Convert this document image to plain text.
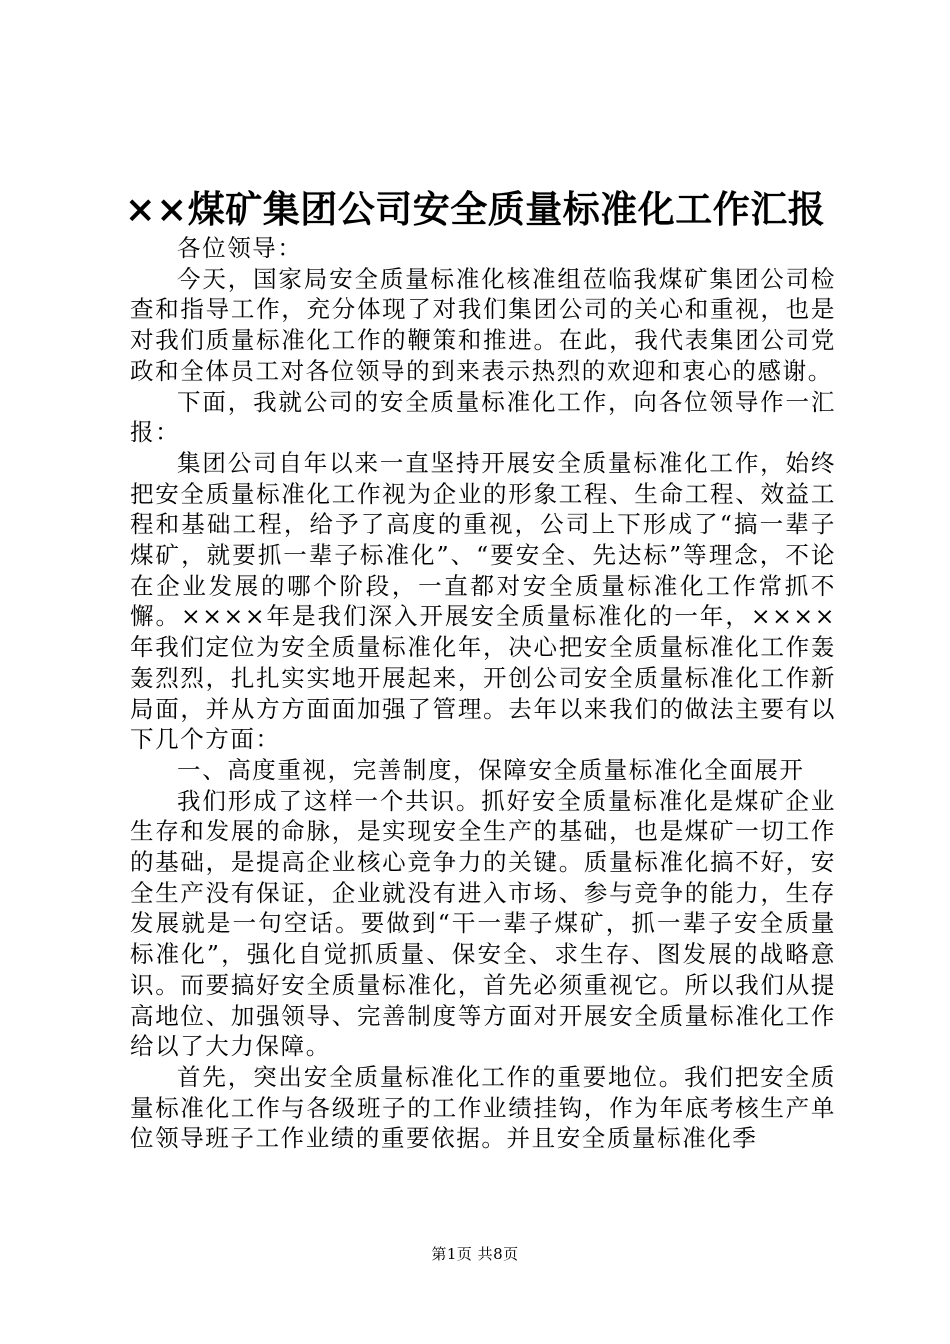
××煤矿集团公司安全质量标准化工作汇报

各位领导：

今天，国家局安全质量标准化核准组莅临我煤矿集团公司检查和指导工作，充分体现了对我们集团公司的关心和重视，也是对我们质量标准化工作的鞭策和推进。在此，我代表集团公司党政和全体员工对各位领导的到来表示热烈的欢迎和衷心的感谢。

下面，我就公司的安全质量标准化工作，向各位领导作一汇报：

集团公司自年以来一直坚持开展安全质量标准化工作，始终把安全质量标准化工作视为企业的形象工程、生命工程、效益工程和基础工程，给予了高度的重视，公司上下形成了“搞一辈子煤矿，就要抓一辈子标准化”、“要安全、先达标”等理念，不论在企业发展的哪个阶段，一直都对安全质量标准化工作常抓不懈。××××年是我们深入开展安全质量标准化的一年，××××年我们定位为安全质量标准化年，决心把安全质量标准化工作轰轰烈烈，扎扎实实地开展起来，开创公司安全质量标准化工作新局面，并从方方面面加强了管理。去年以来我们的做法主要有以下几个方面：

一、高度重视，完善制度，保障安全质量标准化全面展开

我们形成了这样一个共识。抓好安全质量标准化是煤矿企业生存和发展的命脉，是实现安全生产的基础，也是煤矿一切工作的基础，是提高企业核心竞争力的关键。质量标准化搞不好，安全生产没有保证，企业就没有进入市场、参与竞争的能力，生存发展就是一句空话。要做到“干一辈子煤矿，抓一辈子安全质量标准化”，强化自觉抓质量、保安全、求生存、图发展的战略意识。而要搞好安全质量标准化，首先必须重视它。所以我们从提高地位、加强领导、完善制度等方面对开展安全质量标准化工作给以了大力保障。

首先，突出安全质量标准化工作的重要地位。我们把安全质量标准化工作与各级班子的工作业绩挂钩，作为年底考核生产单位领导班子工作业绩的重要依据。并且安全质量标准化季

第1页 共8页
